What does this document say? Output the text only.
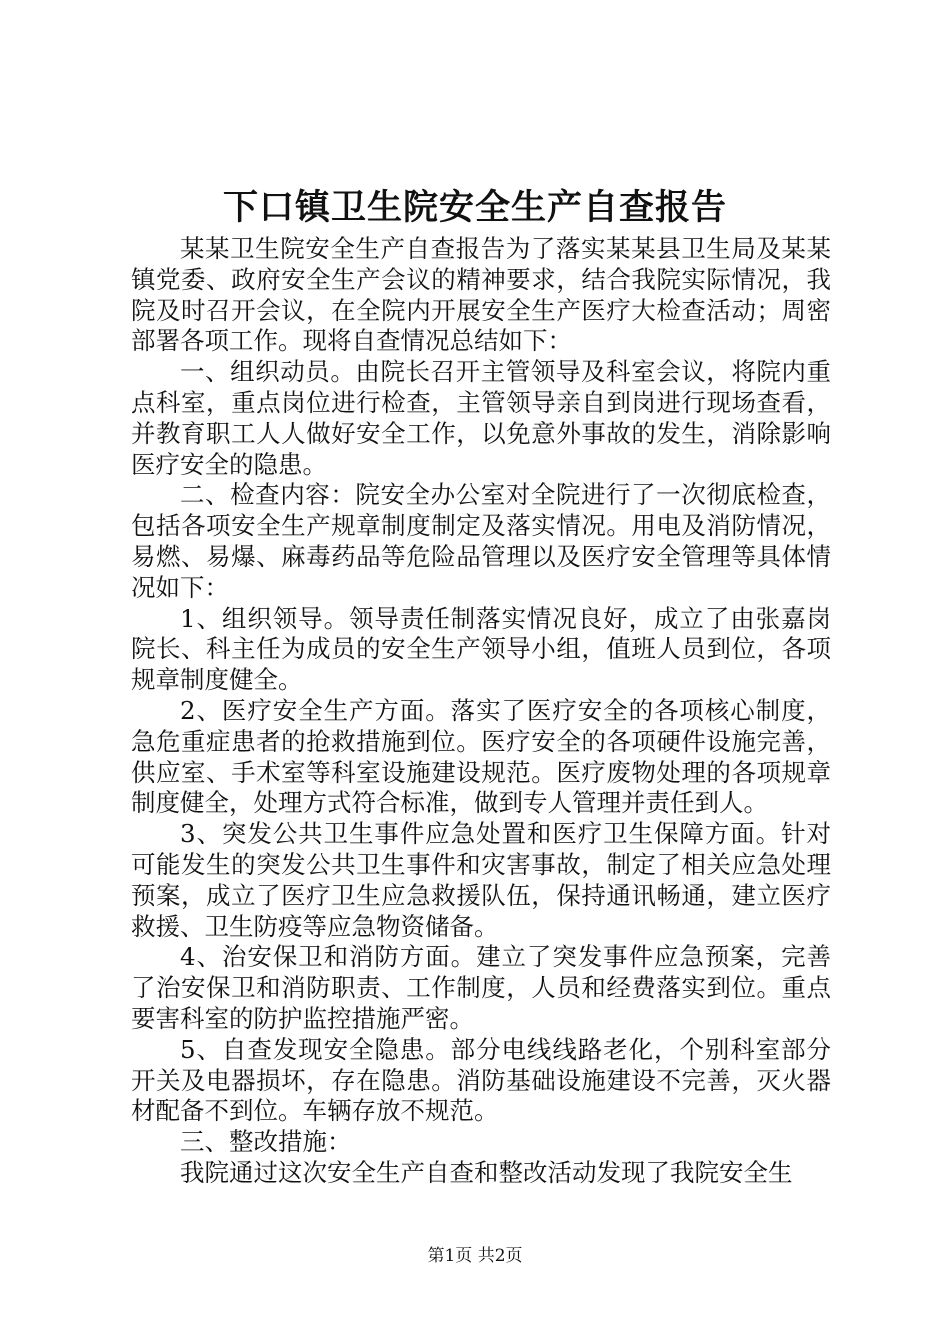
下口镇卫生院安全生产自查报告

某某卫生院安全生产自查报告为了落实某某县卫生局及某某镇党委、政府安全生产会议的精神要求，结合我院实际情况，我院及时召开会议，在全院内开展安全生产医疗大检查活动；周密部署各项工作。现将自查情况总结如下：

一、组织动员。由院长召开主管领导及科室会议，将院内重点科室，重点岗位进行检查，主管领导亲自到岗进行现场查看，并教育职工人人做好安全工作，以免意外事故的发生，消除影响医疗安全的隐患。

二、检查内容：院安全办公室对全院进行了一次彻底检查，包括各项安全生产规章制度制定及落实情况。用电及消防情况，易燃、易爆、麻毒药品等危险品管理以及医疗安全管理等具体情况如下：

1、组织领导。领导责任制落实情况良好，成立了由张嘉岗院长、科主任为成员的安全生产领导小组，值班人员到位，各项规章制度健全。

2、医疗安全生产方面。落实了医疗安全的各项核心制度，急危重症患者的抢救措施到位。医疗安全的各项硬件设施完善，供应室、手术室等科室设施建设规范。医疗废物处理的各项规章制度健全，处理方式符合标准，做到专人管理并责任到人。

3、突发公共卫生事件应急处置和医疗卫生保障方面。针对可能发生的突发公共卫生事件和灾害事故，制定了相关应急处理预案，成立了医疗卫生应急救援队伍，保持通讯畅通，建立医疗救援、卫生防疫等应急物资储备。

4、治安保卫和消防方面。建立了突发事件应急预案，完善了治安保卫和消防职责、工作制度，人员和经费落实到位。重点要害科室的防护监控措施严密。

5、自查发现安全隐患。部分电线线路老化，个别科室部分开关及电器损坏，存在隐患。消防基础设施建设不完善，灭火器材配备不到位。车辆存放不规范。

三、整改措施：

我院通过这次安全生产自查和整改活动发现了我院安全生

第1页 共2页
